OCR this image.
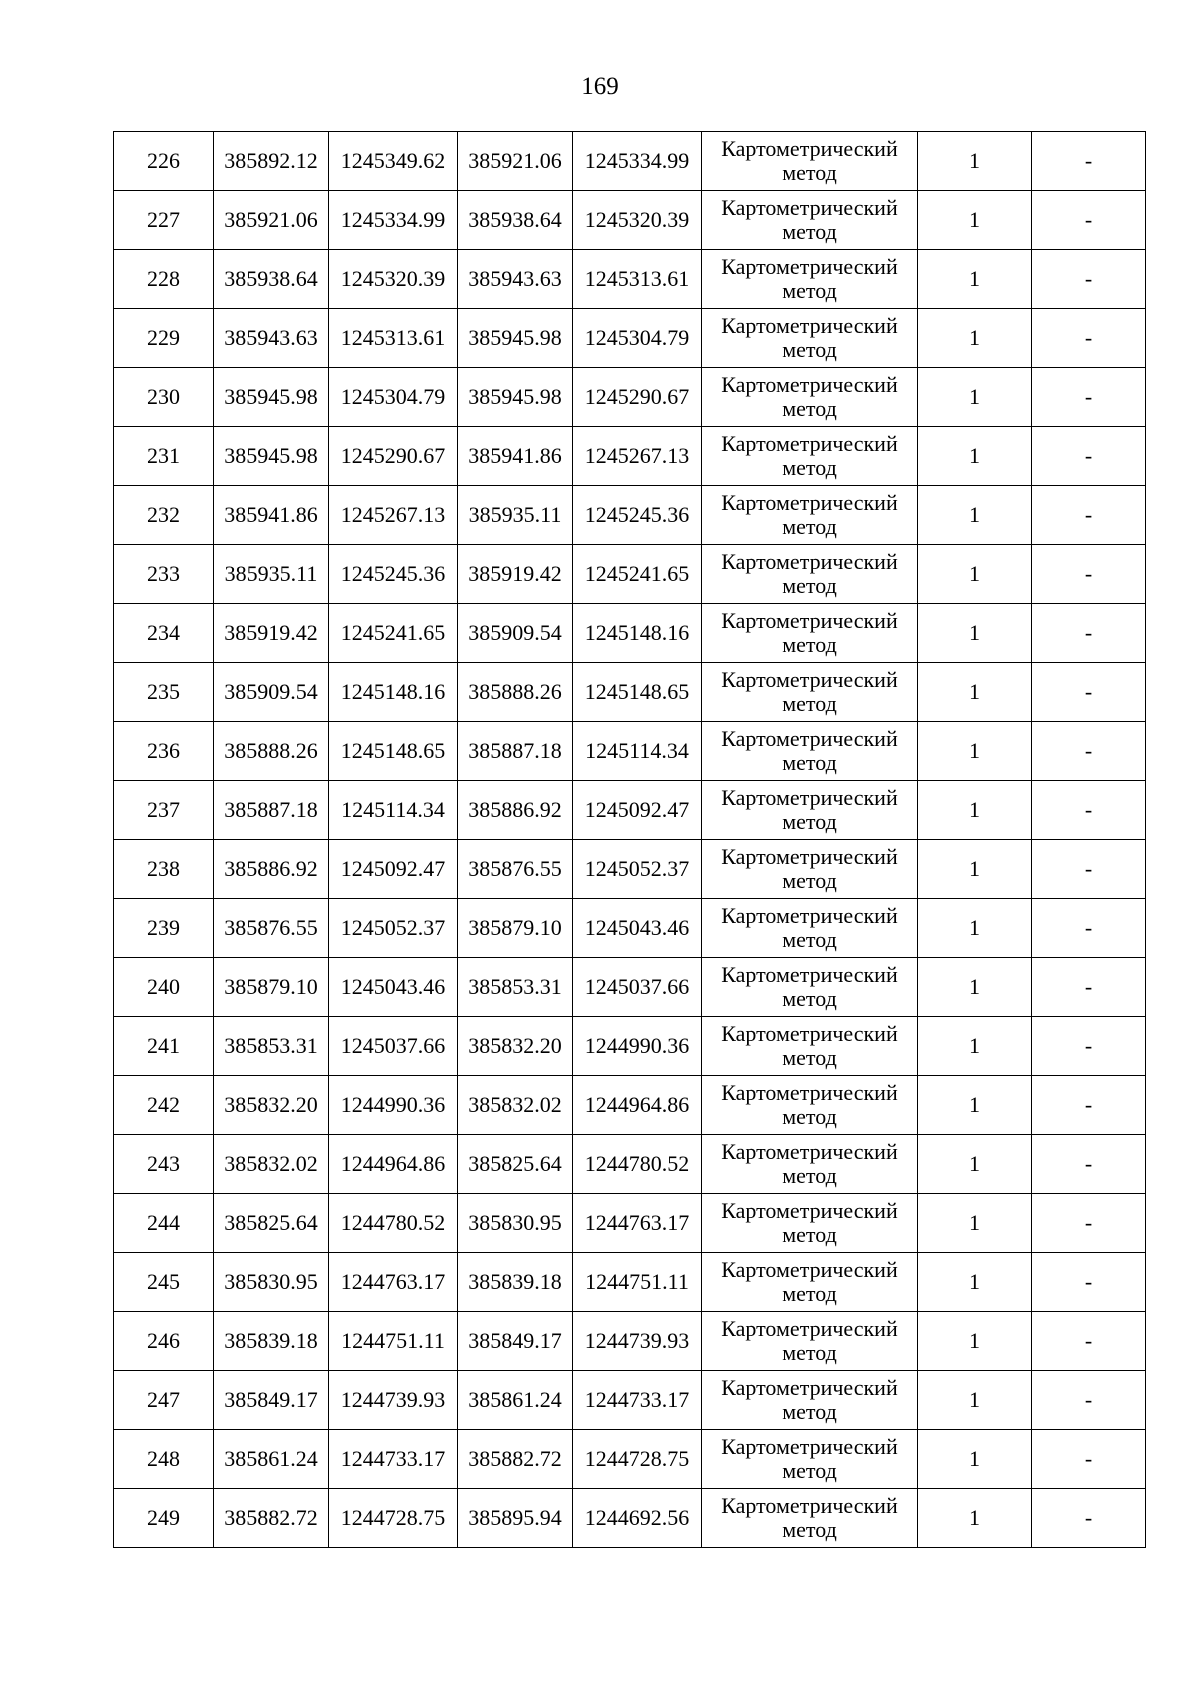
169
226	385892.12	1245349.62	385921.06	1245334.99	Картометрический метод	1	-
227	385921.06	1245334.99	385938.64	1245320.39	Картометрический метод	1	-
228	385938.64	1245320.39	385943.63	1245313.61	Картометрический метод	1	-
229	385943.63	1245313.61	385945.98	1245304.79	Картометрический метод	1	-
230	385945.98	1245304.79	385945.98	1245290.67	Картометрический метод	1	-
231	385945.98	1245290.67	385941.86	1245267.13	Картометрический метод	1	-
232	385941.86	1245267.13	385935.11	1245245.36	Картометрический метод	1	-
233	385935.11	1245245.36	385919.42	1245241.65	Картометрический метод	1	-
234	385919.42	1245241.65	385909.54	1245148.16	Картометрический метод	1	-
235	385909.54	1245148.16	385888.26	1245148.65	Картометрический метод	1	-
236	385888.26	1245148.65	385887.18	1245114.34	Картометрический метод	1	-
237	385887.18	1245114.34	385886.92	1245092.47	Картометрический метод	1	-
238	385886.92	1245092.47	385876.55	1245052.37	Картометрический метод	1	-
239	385876.55	1245052.37	385879.10	1245043.46	Картометрический метод	1	-
240	385879.10	1245043.46	385853.31	1245037.66	Картометрический метод	1	-
241	385853.31	1245037.66	385832.20	1244990.36	Картометрический метод	1	-
242	385832.20	1244990.36	385832.02	1244964.86	Картометрический метод	1	-
243	385832.02	1244964.86	385825.64	1244780.52	Картометрический метод	1	-
244	385825.64	1244780.52	385830.95	1244763.17	Картометрический метод	1	-
245	385830.95	1244763.17	385839.18	1244751.11	Картометрический метод	1	-
246	385839.18	1244751.11	385849.17	1244739.93	Картометрический метод	1	-
247	385849.17	1244739.93	385861.24	1244733.17	Картометрический метод	1	-
248	385861.24	1244733.17	385882.72	1244728.75	Картометрический метод	1	-
249	385882.72	1244728.75	385895.94	1244692.56	Картометрический метод	1	-
